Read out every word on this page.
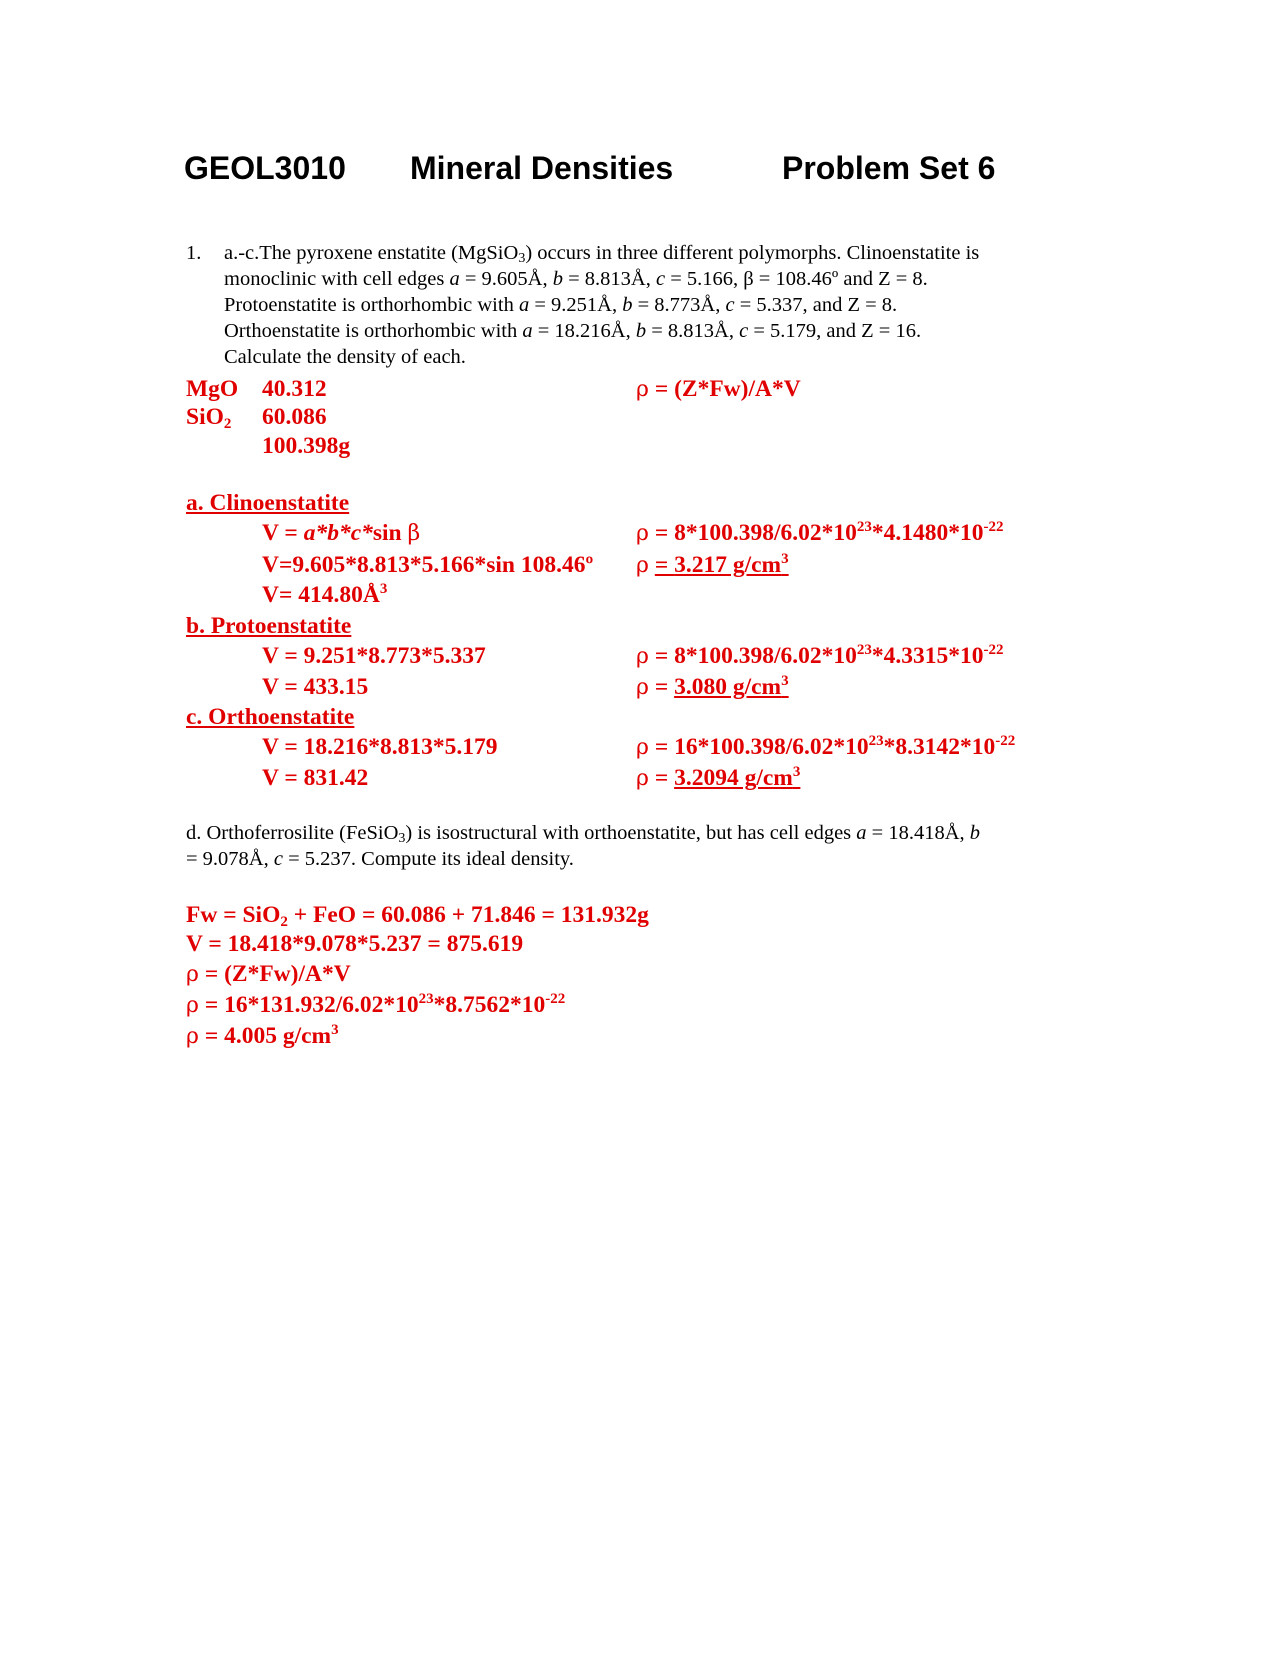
GEOL3010 Mineral Densities	Problem Set 6
1. a.-c.The pyroxene enstatite (MgSiO$_3$) occurs in three different polymorphs. Clinoenstatite is
monoclinic with cell edges a = 9.605Å, b = 8.813Å, c = 5.166, β = 108.46º and Z = 8.
Protoenstatite is orthorhombic with a = 9.251Å, b = 8.773Å, c = 5.337, and Z = 8.
Orthoenstatite is orthorhombic with a = 18.216Å, b = 8.813Å, c = 5.179, and Z = 16.
Calculate the density of each.
MgO 40.312
SiO$_2$ 60.086
100.398g
ρ = (Z*Fw)/A*V
a. Clinoenstatite
V = a*b*c*sin β
V=9.605*8.813*5.166*sin 108.46º
$V= 414.80Å^3$
$\rho = 8*100.398/6.02*10^{23}*4.1480*10^{-22}$
ρ = 3.217 $g/cm^3$
b. Protoenstatite
V = 9.251*8.773*5.337
V = 433.15
$\rho = 8*100.398/6.02*10^{23}*4.3315*10^{-22}$
ρ = 3.080 $g/cm^3$
c. Orthoenstatite
V = 18.216*8.813*5.179
V = 831.42
$\rho = 16*100.398/6.02*10^{23}*8.3142*10^{-22}$
ρ = 3.2094 $g/cm^3$
d. Orthoferrosilite (FeSiO$_3$) is isostructural with orthoenstatite, but has cell edges a = 18.418Å, b
= 9.078Å, c = 5.237. Compute its ideal density.
Fw = SiO$_2$ + FeO = 60.086 + 71.846 = 131.932g
V = 18.418*9.078*5.237 = 875.619
ρ = (Z*Fw)/A*V
$\rho = 16*131.932/6.02*10^{23}*8.7562*10^{-22}$
ρ = 4.005 $g/cm^3$
